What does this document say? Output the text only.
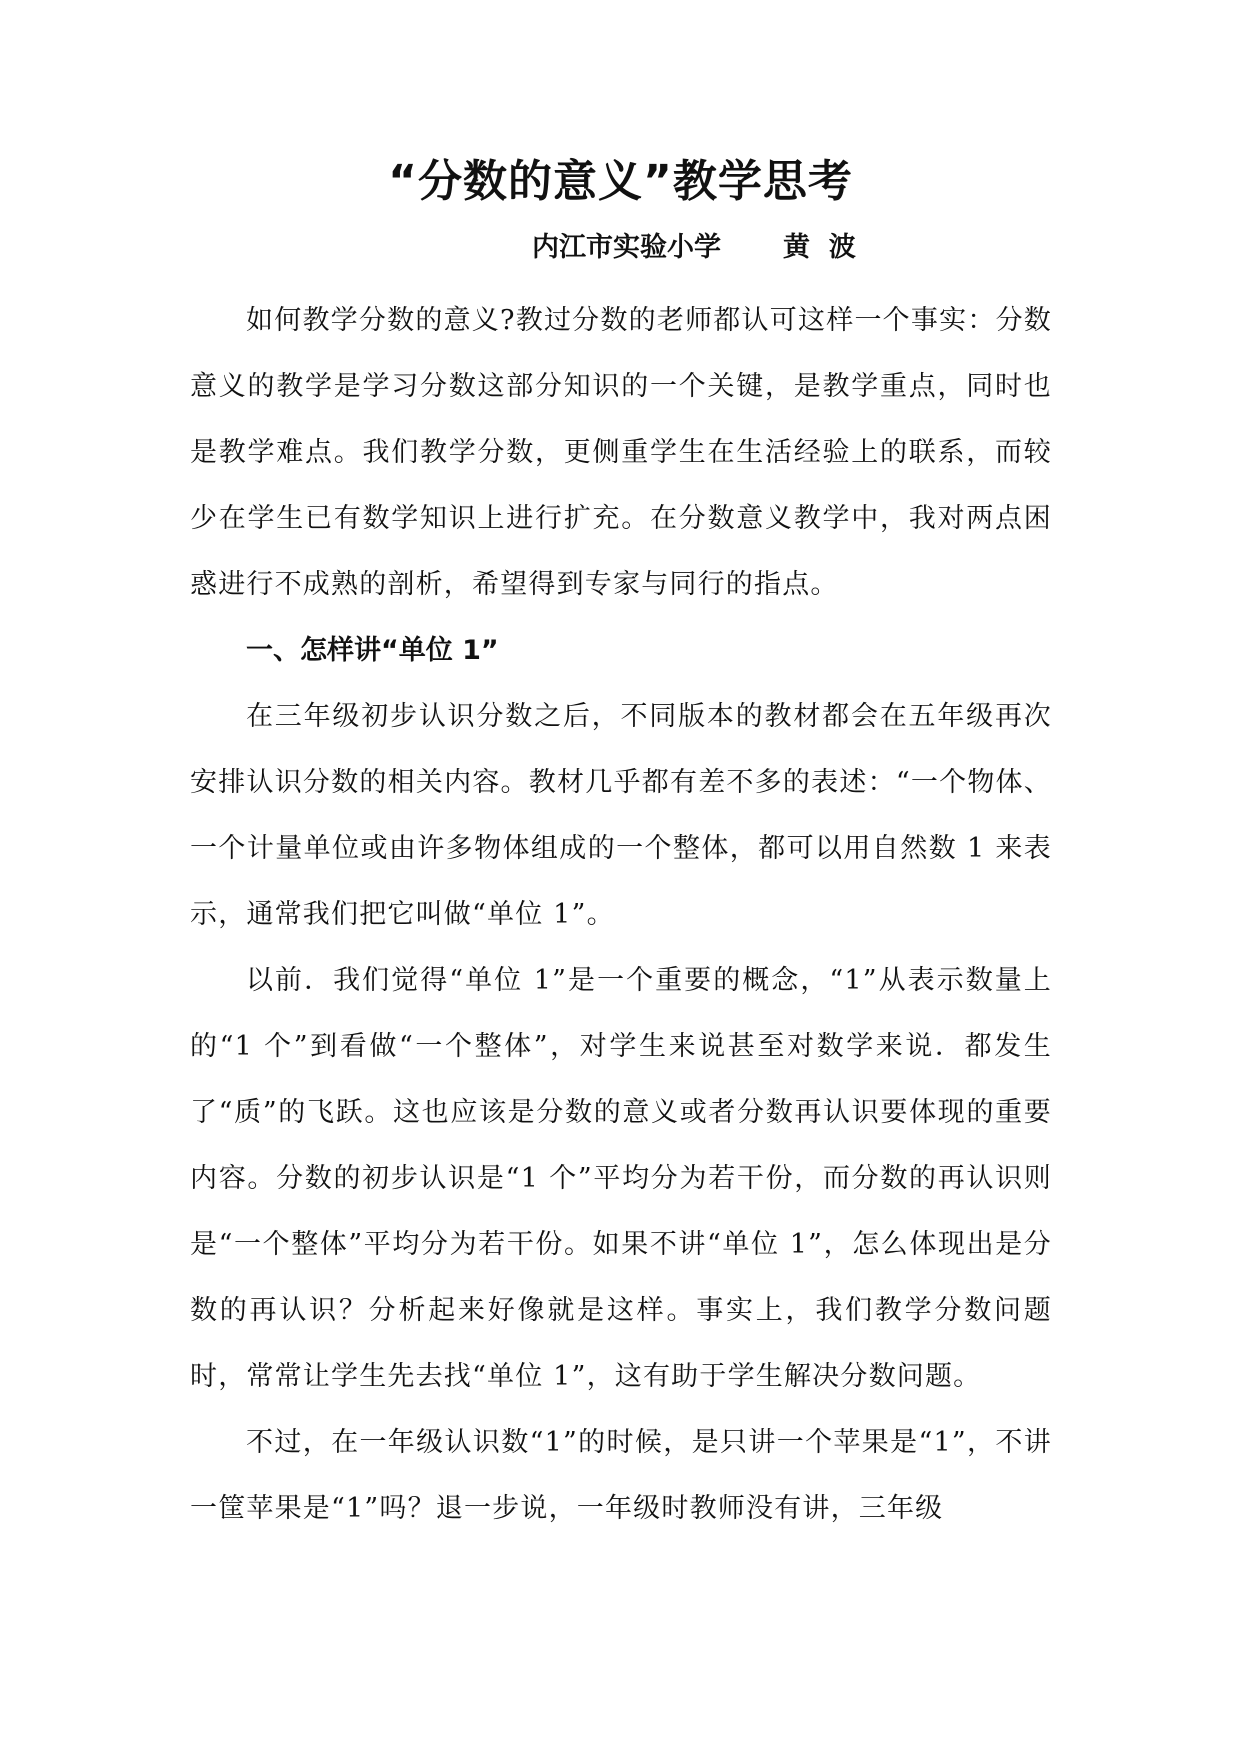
“分数的意义”教学思考
内江市实验小学 黄  波

如何教学分数的意义?教过分数的老师都认可这样一个事实：分数意义的教学是学习分数这部分知识的一个关键，是教学重点，同时也是教学难点。我们教学分数，更侧重学生在生活经验上的联系，而较少在学生已有数学知识上进行扩充。在分数意义教学中，我对两点困惑进行不成熟的剖析，希望得到专家与同行的指点。

一、怎样讲“单位 1”

在三年级初步认识分数之后，不同版本的教材都会在五年级再次安排认识分数的相关内容。教材几乎都有差不多的表述：“一个物体、一个计量单位或由许多物体组成的一个整体，都可以用自然数 1 来表示，通常我们把它叫做“单位 1”。

以前．我们觉得“单位 1”是一个重要的概念，“1”从表示数量上的“1 个”到看做“一个整体”，对学生来说甚至对数学来说．都发生了“质”的飞跃。这也应该是分数的意义或者分数再认识要体现的重要内容。分数的初步认识是“1 个”平均分为若干份，而分数的再认识则是“一个整体”平均分为若干份。如果不讲“单位 1”，怎么体现出是分数的再认识？分析起来好像就是这样。事实上，我们教学分数问题时，常常让学生先去找“单位 1”，这有助于学生解决分数问题。

不过，在一年级认识数“1”的时候，是只讲一个苹果是“1”，不讲一筐苹果是“1”吗？退一步说，一年级时教师没有讲，三年级
